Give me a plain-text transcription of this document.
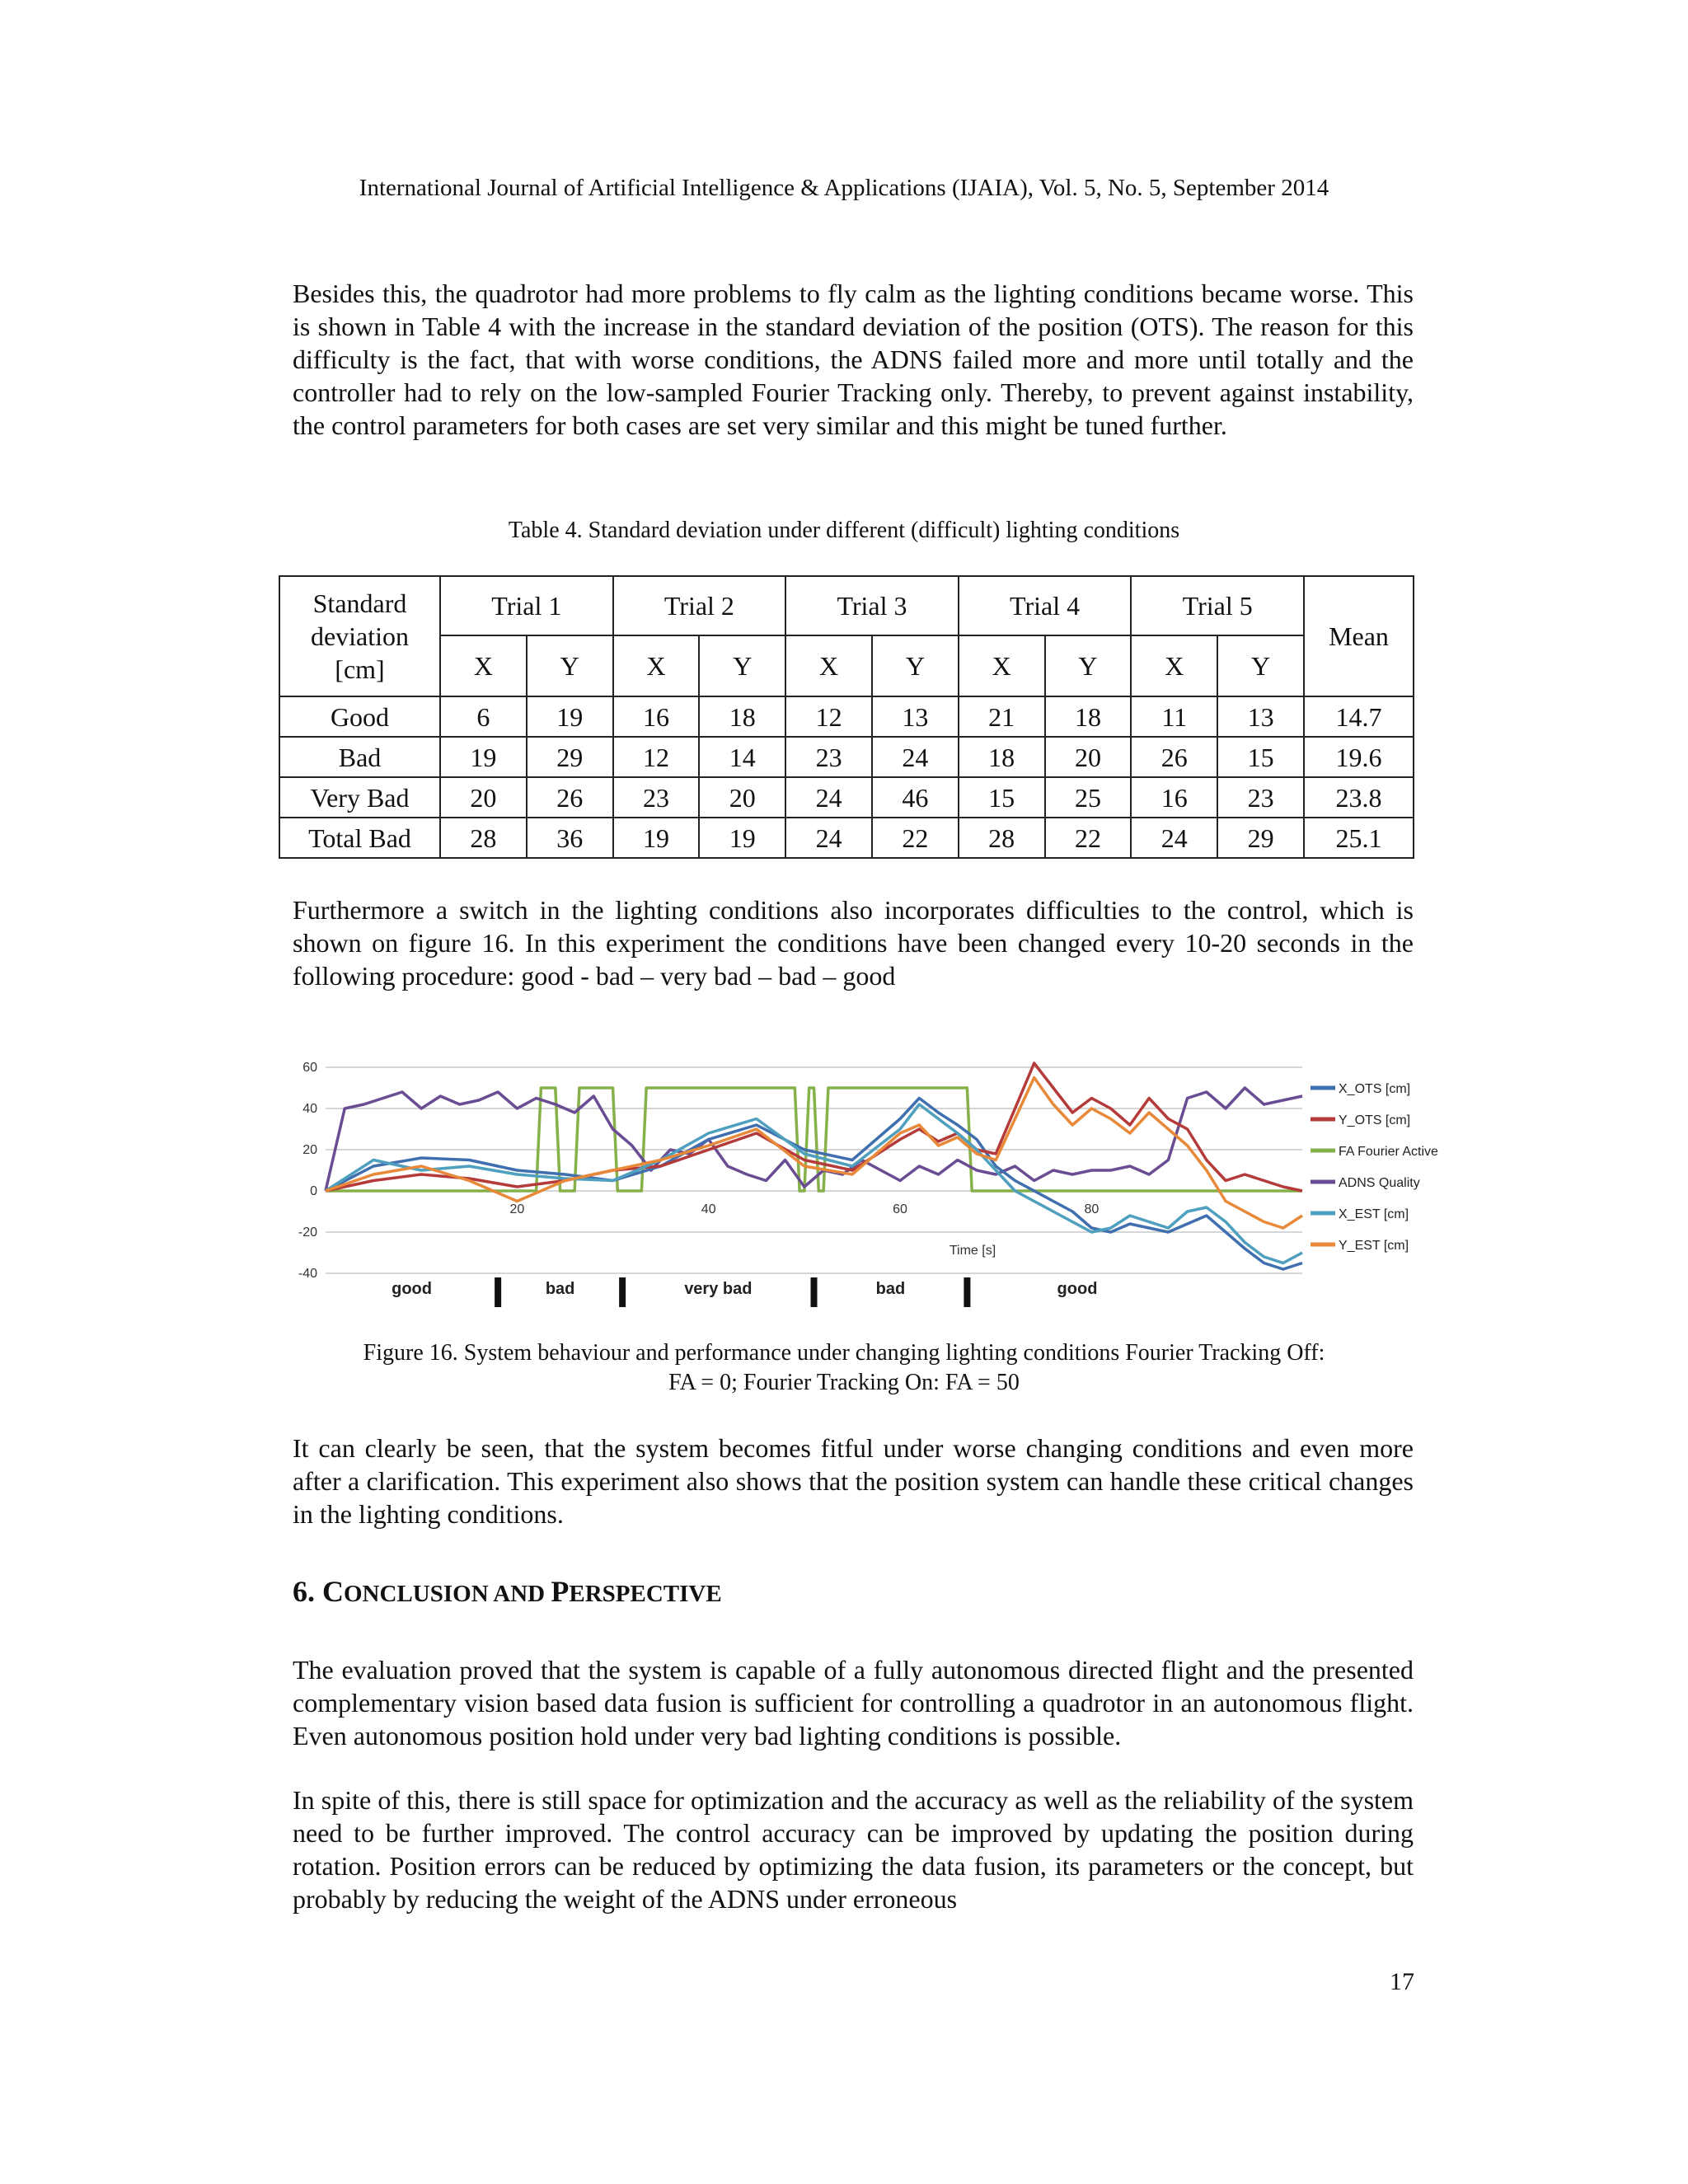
International Journal of Artificial Intelligence & Applications (IJAIA), Vol. 5, No. 5, September 2014

Besides this, the quadrotor had more problems to fly calm as the lighting conditions became worse. This is shown in Table 4 with the increase in the standard deviation of the position (OTS). The reason for this difficulty is the fact, that with worse conditions, the ADNS failed more and more until totally and the controller had to rely on the low-sampled Fourier Tracking only. Thereby, to prevent against instability, the control parameters for both cases are set very similar and this might be tuned further.

Table 4. Standard deviation under different (difficult) lighting conditions
Standard
deviation
[cm]	Trial 1		Trial 2		Trial 3		Trial 4		Trial 5		Mean
	X	Y	X	Y	X	Y	X	Y	X	Y	
Good	6	19	16	18	12	13	21	18	11	13	14.7
Bad	19	29	12	14	23	24	18	20	26	15	19.6
Very Bad	20	26	23	20	24	46	15	25	16	23	23.8
Total Bad	28	36	19	19	24	22	28	22	24	29	25.1

Furthermore a switch in the lighting conditions also incorporates difficulties to the control, which is shown on figure 16. In this experiment the conditions have been changed every 10-20 seconds in the following procedure: good - bad – very bad – bad – good

60
40
20
0
-20
-40
20	40	60	80
Time [s]
good	bad	very bad	bad	good
X_OTS [cm]
Y_OTS [cm]
FA Fourier Active
ADNS Quality
X_EST [cm]
Y_EST [cm]
Figure 16. System behaviour and performance under changing lighting conditions Fourier Tracking Off:
FA = 0; Fourier Tracking On: FA = 50

It can clearly be seen, that the system becomes fitful under worse changing conditions and even more after a clarification. This experiment also shows that the position system can handle these critical changes in the lighting conditions.

6. CONCLUSION AND PERSPECTIVE

The evaluation proved that the system is capable of a fully autonomous directed flight and the presented complementary vision based data fusion is sufficient for controlling a quadrotor in an autonomous flight. Even autonomous position hold under very bad lighting conditions is possible.

In spite of this, there is still space for optimization and the accuracy as well as the reliability of the system need to be further improved. The control accuracy can be improved by updating the position during rotation. Position errors can be reduced by optimizing the data fusion, its parameters or the concept, but probably by reducing the weight of the ADNS under erroneous

17
